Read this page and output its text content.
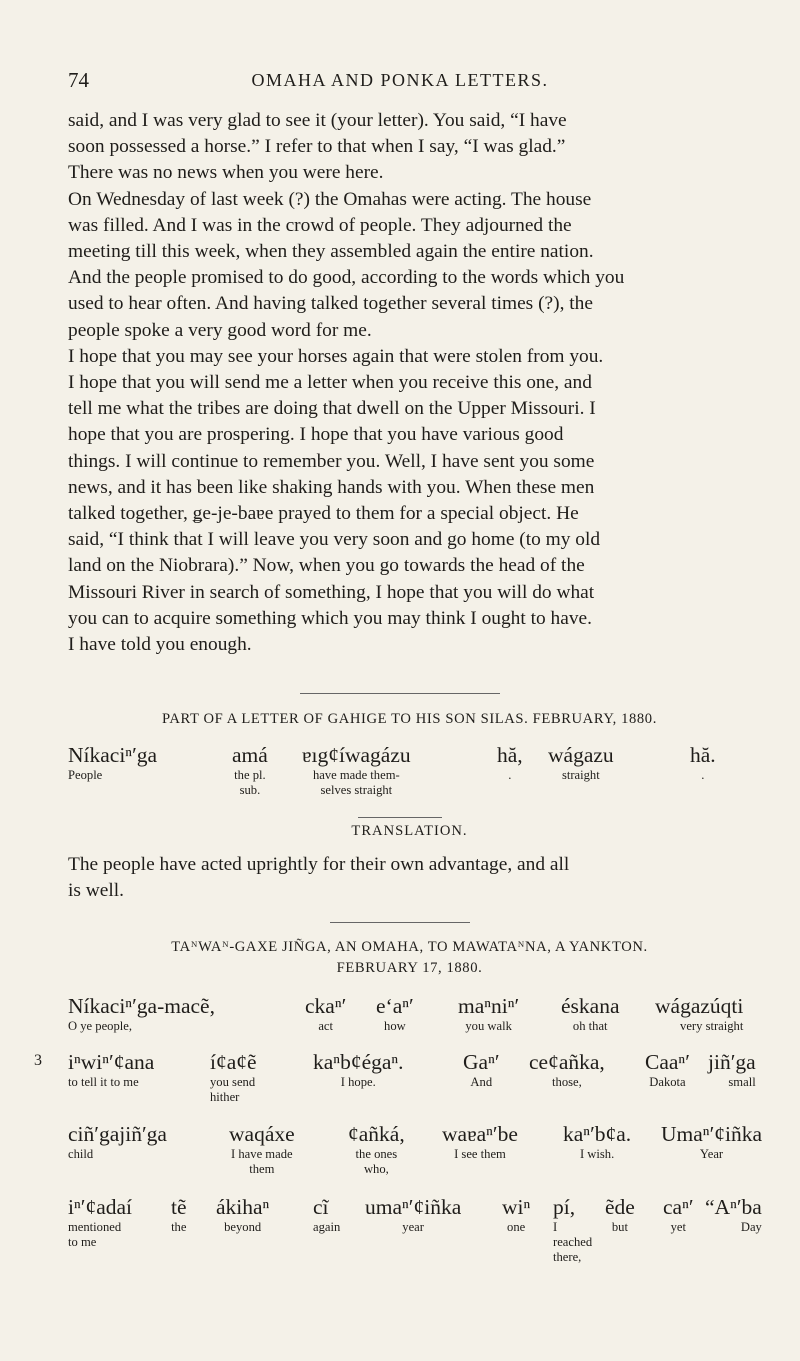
74	OMAHA AND PONKA LETTERS.
said, and I was very glad to see it (your letter). You said, “I have
soon possessed a horse.” I refer to that when I say, “I was glad.”
There was no news when you were here.
On Wednesday of last week (?) the Omahas were acting. The house
was filled. And I was in the crowd of people. They adjourned the
meeting till this week, when they assembled again the entire nation.
And the people promised to do good, according to the words which you
used to hear often. And having talked together several times (?), the
people spoke a very good word for me.
I hope that you may see your horses again that were stolen from you.
I hope that you will send me a letter when you receive this one, and
tell me what the tribes are doing that dwell on the Upper Missouri. I
hope that you are prospering. I hope that you have various good
things. I will continue to remember you. Well, I have sent you some
news, and it has been like shaking hands with you. When these men
talked together, ǥe-je-baɐe prayed to them for a special object. He
said, “I think that I will leave you very soon and go home (to my old
land on the Niobrara).” Now, when you go towards the head of the
Missouri River in search of something, I hope that you will do what
you can to acquire something which you may think I ought to have.
I have told you enough.
PART OF A LETTER OF GAHIGE TO HIS SON SILAS. FEBRUARY, 1880.
Níkaciⁿ′ga
People
amá
the pl.
sub.
ɐıg¢íwagázu
have made them-
selves straight
hă,
.
wágazu
straight
hă.
.
TRANSLATION.
The people have acted uprightly for their own advantage, and all
is well.
TAᴺWAᴺ-GAXE JIÑGA, AN OMAHA, TO MAWATAᴺNA, A YANKTON.
FEBRUARY 17, 1880.
Níkaciⁿ′ga-macẽ,
O ye people,
ckaⁿ′
act
e‘aⁿ′
how
maⁿniⁿ′
you walk
éskana
oh that
wágazúqti
very straight
3 iⁿwiⁿ′¢ana
to tell it to me
í¢a¢ẽ
you send
hither
kaⁿb¢égaⁿ.
I hope.
Gaⁿ′
And
ce¢añka,
those,
Caaⁿ′
Dakota
jiñ′ga
small
ciñ′gajiñ′ga
child
waqáxe
I have made
them
¢añká,
the ones
who,
waɐaⁿ′be
I see them
kaⁿ′b¢a.
I wish.
Umaⁿ′¢iñka
Year
iⁿ′¢adaí
mentioned
to me
tẽ
the
ákihaⁿ
beyond
cĩ
again
umaⁿ′¢iñka
year
wiⁿ
one
pí,
I
reached
there,
ẽde
but
caⁿ′
yet
“Aⁿ′ba
Day
